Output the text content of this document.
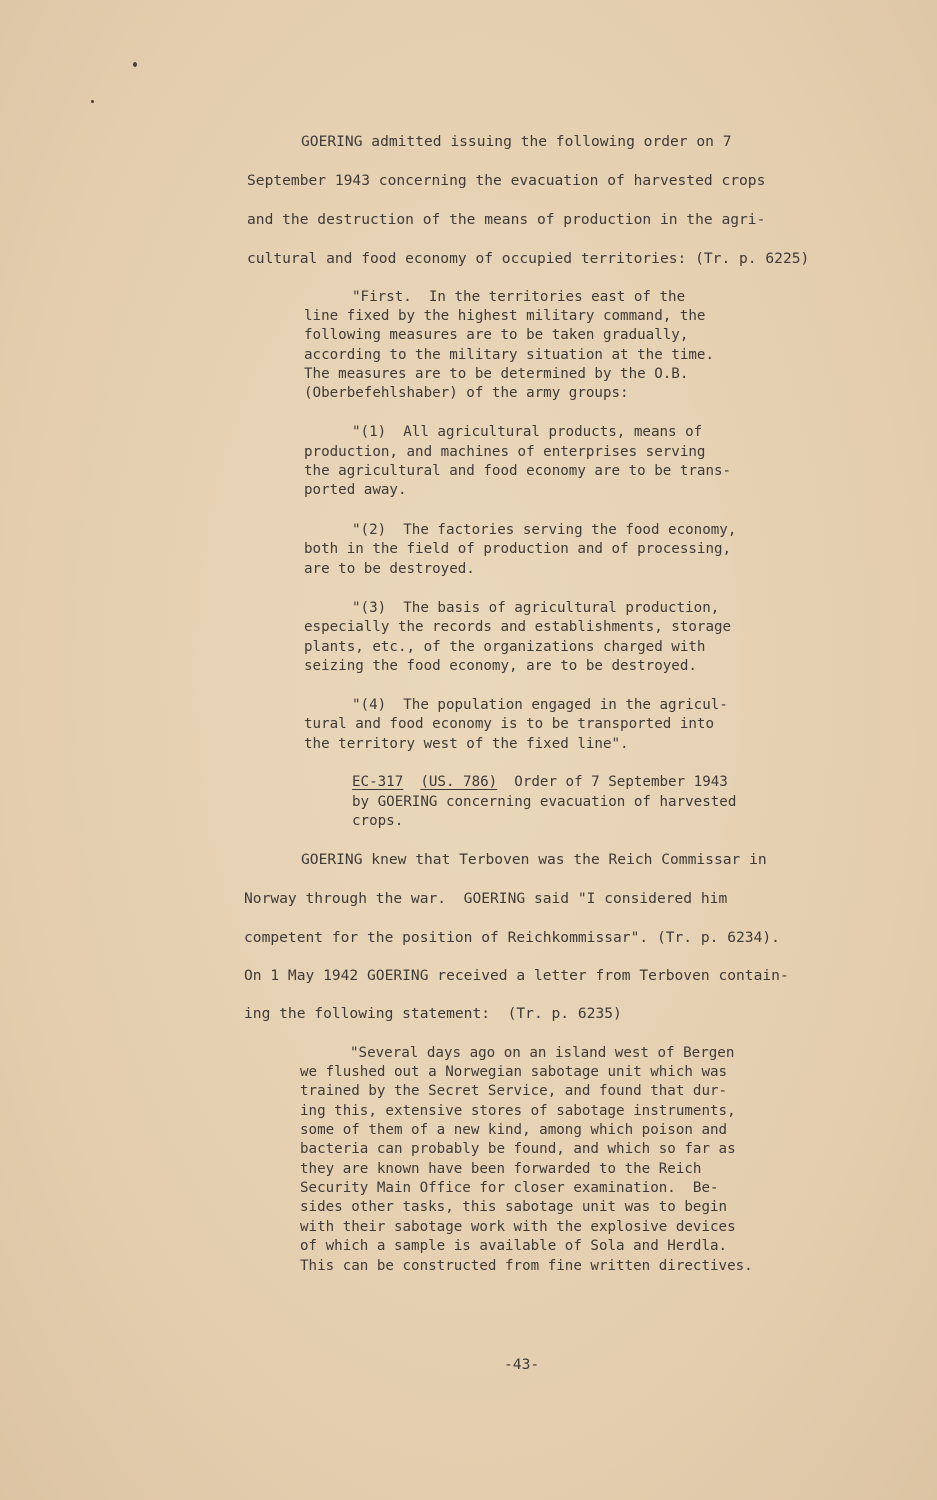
GOERING admitted issuing the following order on 7
September 1943 concerning the evacuation of harvested crops
and the destruction of the means of production in the agri-
cultural and food economy of occupied territories: (Tr. p. 6225)
"First.  In the territories east of the
line fixed by the highest military command, the
following measures are to be taken gradually,
according to the military situation at the time.
The measures are to be determined by the O.B.
(Oberbefehlshaber) of the army groups:
"(1)  All agricultural products, means of
production, and machines of enterprises serving
the agricultural and food economy are to be trans-
ported away.
"(2)  The factories serving the food economy,
both in the field of production and of processing,
are to be destroyed.
"(3)  The basis of agricultural production,
especially the records and establishments, storage
plants, etc., of the organizations charged with
seizing the food economy, are to be destroyed.
"(4)  The population engaged in the agricul-
tural and food economy is to be transported into
the territory west of the fixed line".
EC-317 (US. 786)  Order of 7 September 1943
by GOERING concerning evacuation of harvested
crops.
GOERING knew that Terboven was the Reich Commissar in
Norway through the war.  GOERING said "I considered him
competent for the position of Reichkommissar". (Tr. p. 6234).
On 1 May 1942 GOERING received a letter from Terboven contain-
ing the following statement:  (Tr. p. 6235)
"Several days ago on an island west of Bergen
we flushed out a Norwegian sabotage unit which was
trained by the Secret Service, and found that dur-
ing this, extensive stores of sabotage instruments,
some of them of a new kind, among which poison and
bacteria can probably be found, and which so far as
they are known have been forwarded to the Reich
Security Main Office for closer examination.  Be-
sides other tasks, this sabotage unit was to begin
with their sabotage work with the explosive devices
of which a sample is available of Sola and Herdla.
This can be constructed from fine written directives.
-43-
